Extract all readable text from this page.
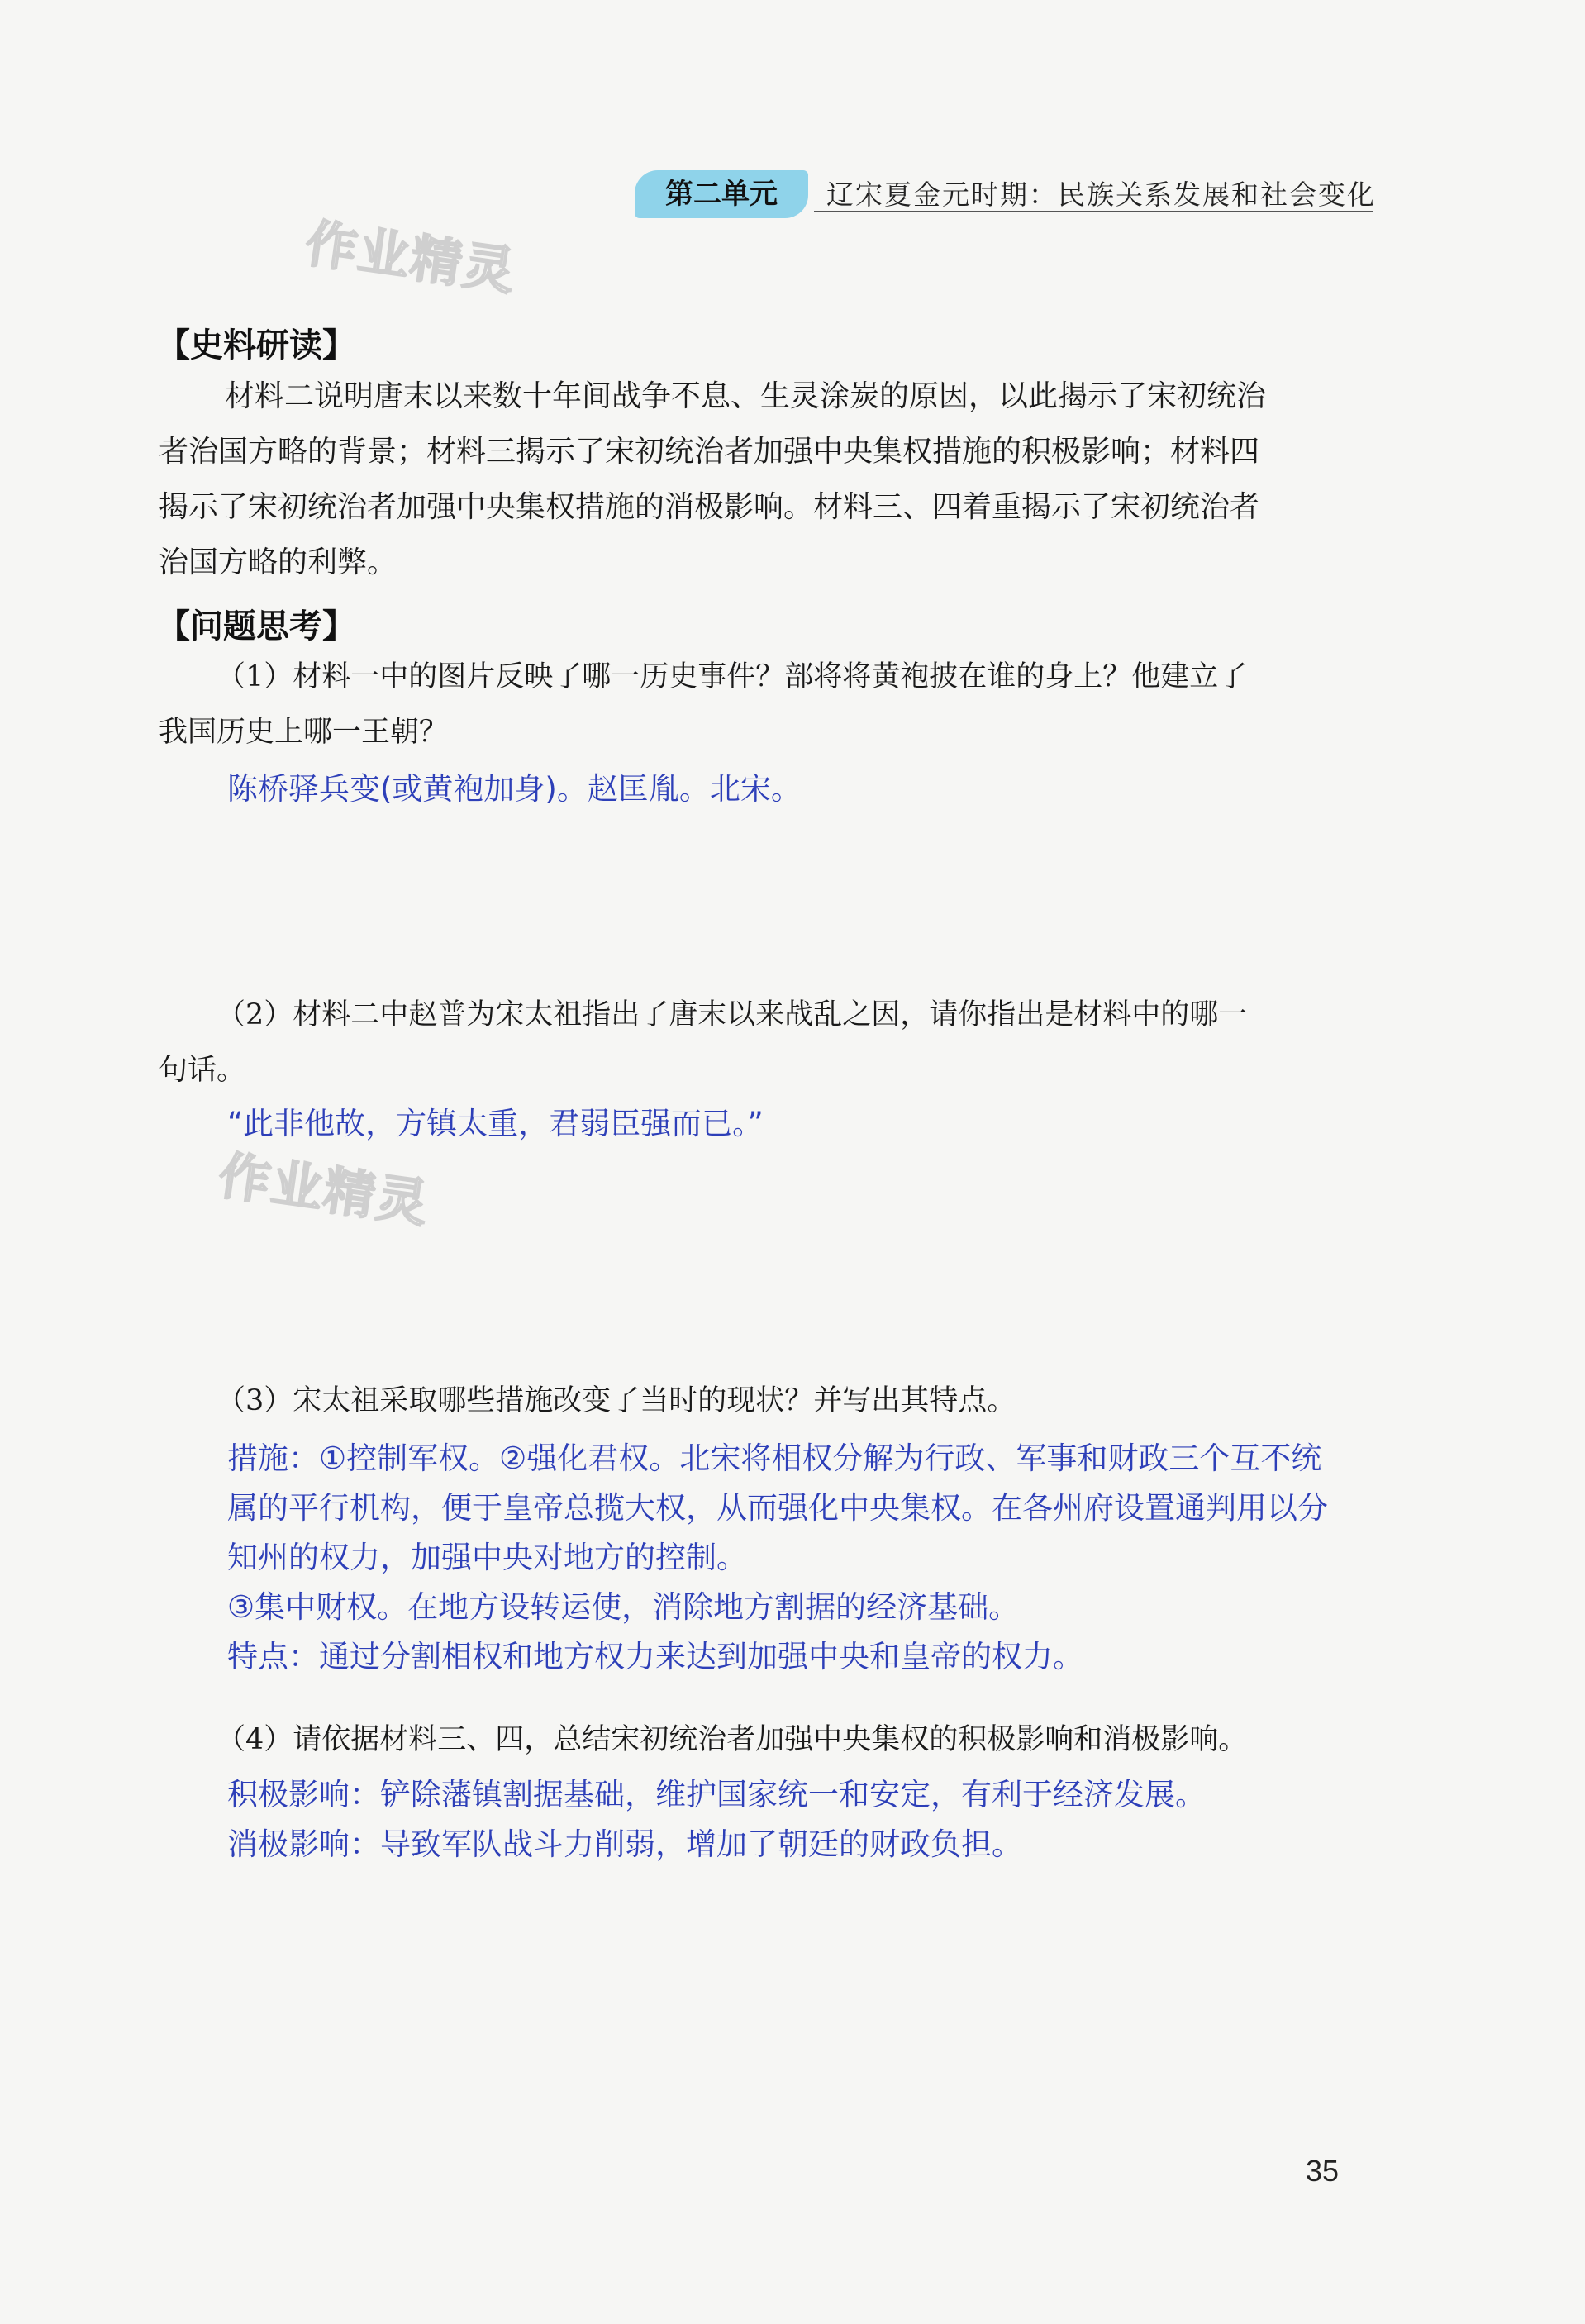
第二单元	辽宋夏金元时期：民族关系发展和社会变化
作业精灵
作业精灵
【史料研读】

材料二说明唐末以来数十年间战争不息、生灵涂炭的原因，以此揭示了宋初统治

者治国方略的背景；材料三揭示了宋初统治者加强中央集权措施的积极影响；材料四

揭示了宋初统治者加强中央集权措施的消极影响。材料三、四着重揭示了宋初统治者

治国方略的利弊。

【问题思考】

（1）材料一中的图片反映了哪一历史事件？部将将黄袍披在谁的身上？他建立了

我国历史上哪一王朝？

陈桥驿兵变(或黄袍加身)。赵匡胤。北宋。

（2）材料二中赵普为宋太祖指出了唐末以来战乱之因，请你指出是材料中的哪一

句话。

“此非他故，方镇太重，君弱臣强而已。”

（3）宋太祖采取哪些措施改变了当时的现状？并写出其特点。

措施：①控制军权。②强化君权。北宋将相权分解为行政、军事和财政三个互不统

属的平行机构，便于皇帝总揽大权，从而强化中央集权。在各州府设置通判用以分

知州的权力，加强中央对地方的控制。

③集中财权。在地方设转运使，消除地方割据的经济基础。

特点：通过分割相权和地方权力来达到加强中央和皇帝的权力。

（4）请依据材料三、四，总结宋初统治者加强中央集权的积极影响和消极影响。

积极影响：铲除藩镇割据基础，维护国家统一和安定，有利于经济发展。

消极影响：导致军队战斗力削弱，增加了朝廷的财政负担。

35
